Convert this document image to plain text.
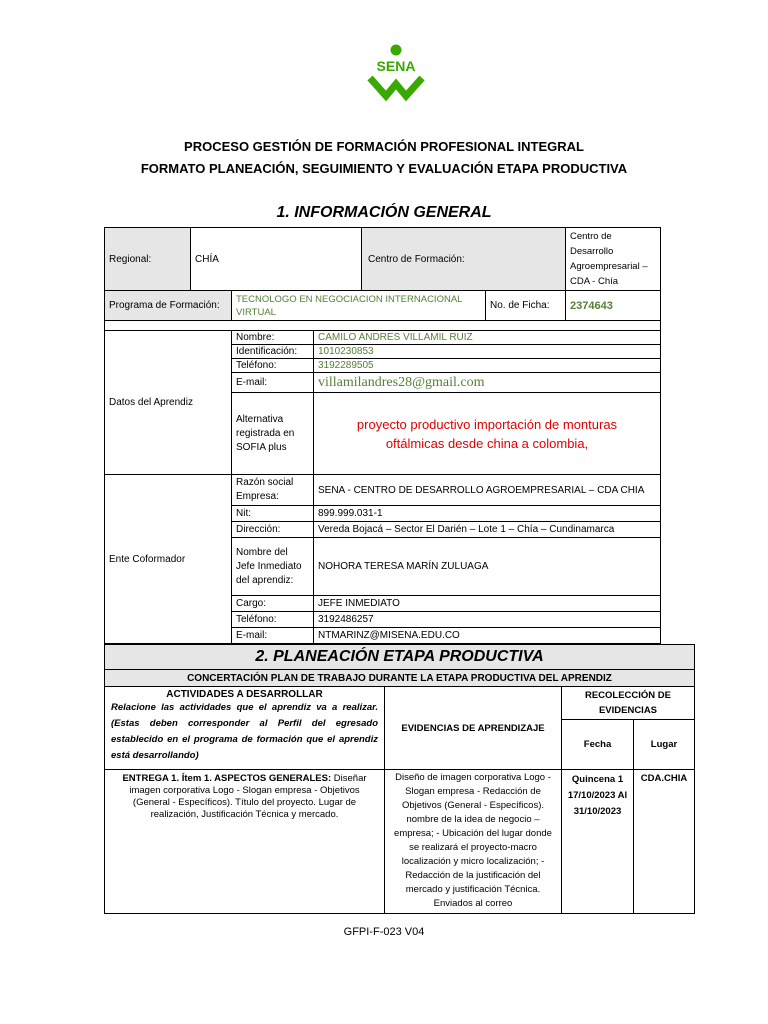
SENA
PROCESO GESTIÓN DE FORMACIÓN PROFESIONAL INTEGRAL
FORMATO PLANEACIÓN, SEGUIMIENTO Y EVALUACIÓN ETAPA PRODUCTIVA
1. INFORMACIÓN GENERAL
Regional:	CHÍA			Centro de Formación:		Centro de Desarrollo Agroempresarial – CDA - Chía
Programa de Formación:		TECNOLOGO EN NEGOCIACION INTERNACIONAL VIRTUAL			No. de Ficha:	2374643

Datos del Aprendiz		Nombre:	CAMILO ANDRES VILLAMIL RUIZ			
		Identificación:	1010230853			
		Teléfono:	3192289505			
		E-mail:	villamilandres28@gmail.com			
		Alternativa registrada en SOFIA plus	proyecto productivo importación de monturas oftálmicas desde china a colombia,			
Ente Coformador		Razón social Empresa:	SENA - CENTRO DE DESARROLLO AGROEMPRESARIAL – CDA CHIA			
		Nit:	899.999.031-1			
		Dirección:	Vereda Bojacá – Sector El Darién – Lote 1 – Chía – Cundinamarca			
		Nombre del Jefe Inmediato del aprendiz:	NOHORA TERESA MARÍN ZULUAGA			
		Cargo:	JEFE INMEDIATO			
		Teléfono:	3192486257			
		E-mail:	NTMARINZ@MISENA.EDU.CO			
2. PLANEACIÓN ETAPA PRODUCTIVA			
CONCERTACIÓN PLAN DE TRABAJO DURANTE LA ETAPA PRODUCTIVA DEL APRENDIZ			

ACTIVIDADES A DESARROLLAR
Relacione las actividades que el aprendiz va a realizar. (Estas deben corresponder al Perfil del egresado establecido en el programa de formación que el aprendiz está desarrollando)	EVIDENCIAS DE APRENDIZAJE	RECOLECCIÓN DE EVIDENCIAS	
		Fecha	Lugar
ENTREGA 1. Ítem 1. ASPECTOS GENERALES: Diseñar imagen corporativa Logo - Slogan empresa - Objetivos (General - Específicos). Título del proyecto. Lugar de realización, Justificación Técnica y mercado.	Diseño de imagen corporativa Logo - Slogan empresa - Redacción de Objetivos (General - Específicos). nombre de la idea de negocio – empresa; - Ubicación del lugar donde se realizará el proyecto-macro localización y micro localización; - Redacción de la justificación del mercado y justificación Técnica. Enviados al correo	Quincena 1 17/10/2023 Al 31/10/2023	CDA.CHIA
GFPI-F-023 V04
